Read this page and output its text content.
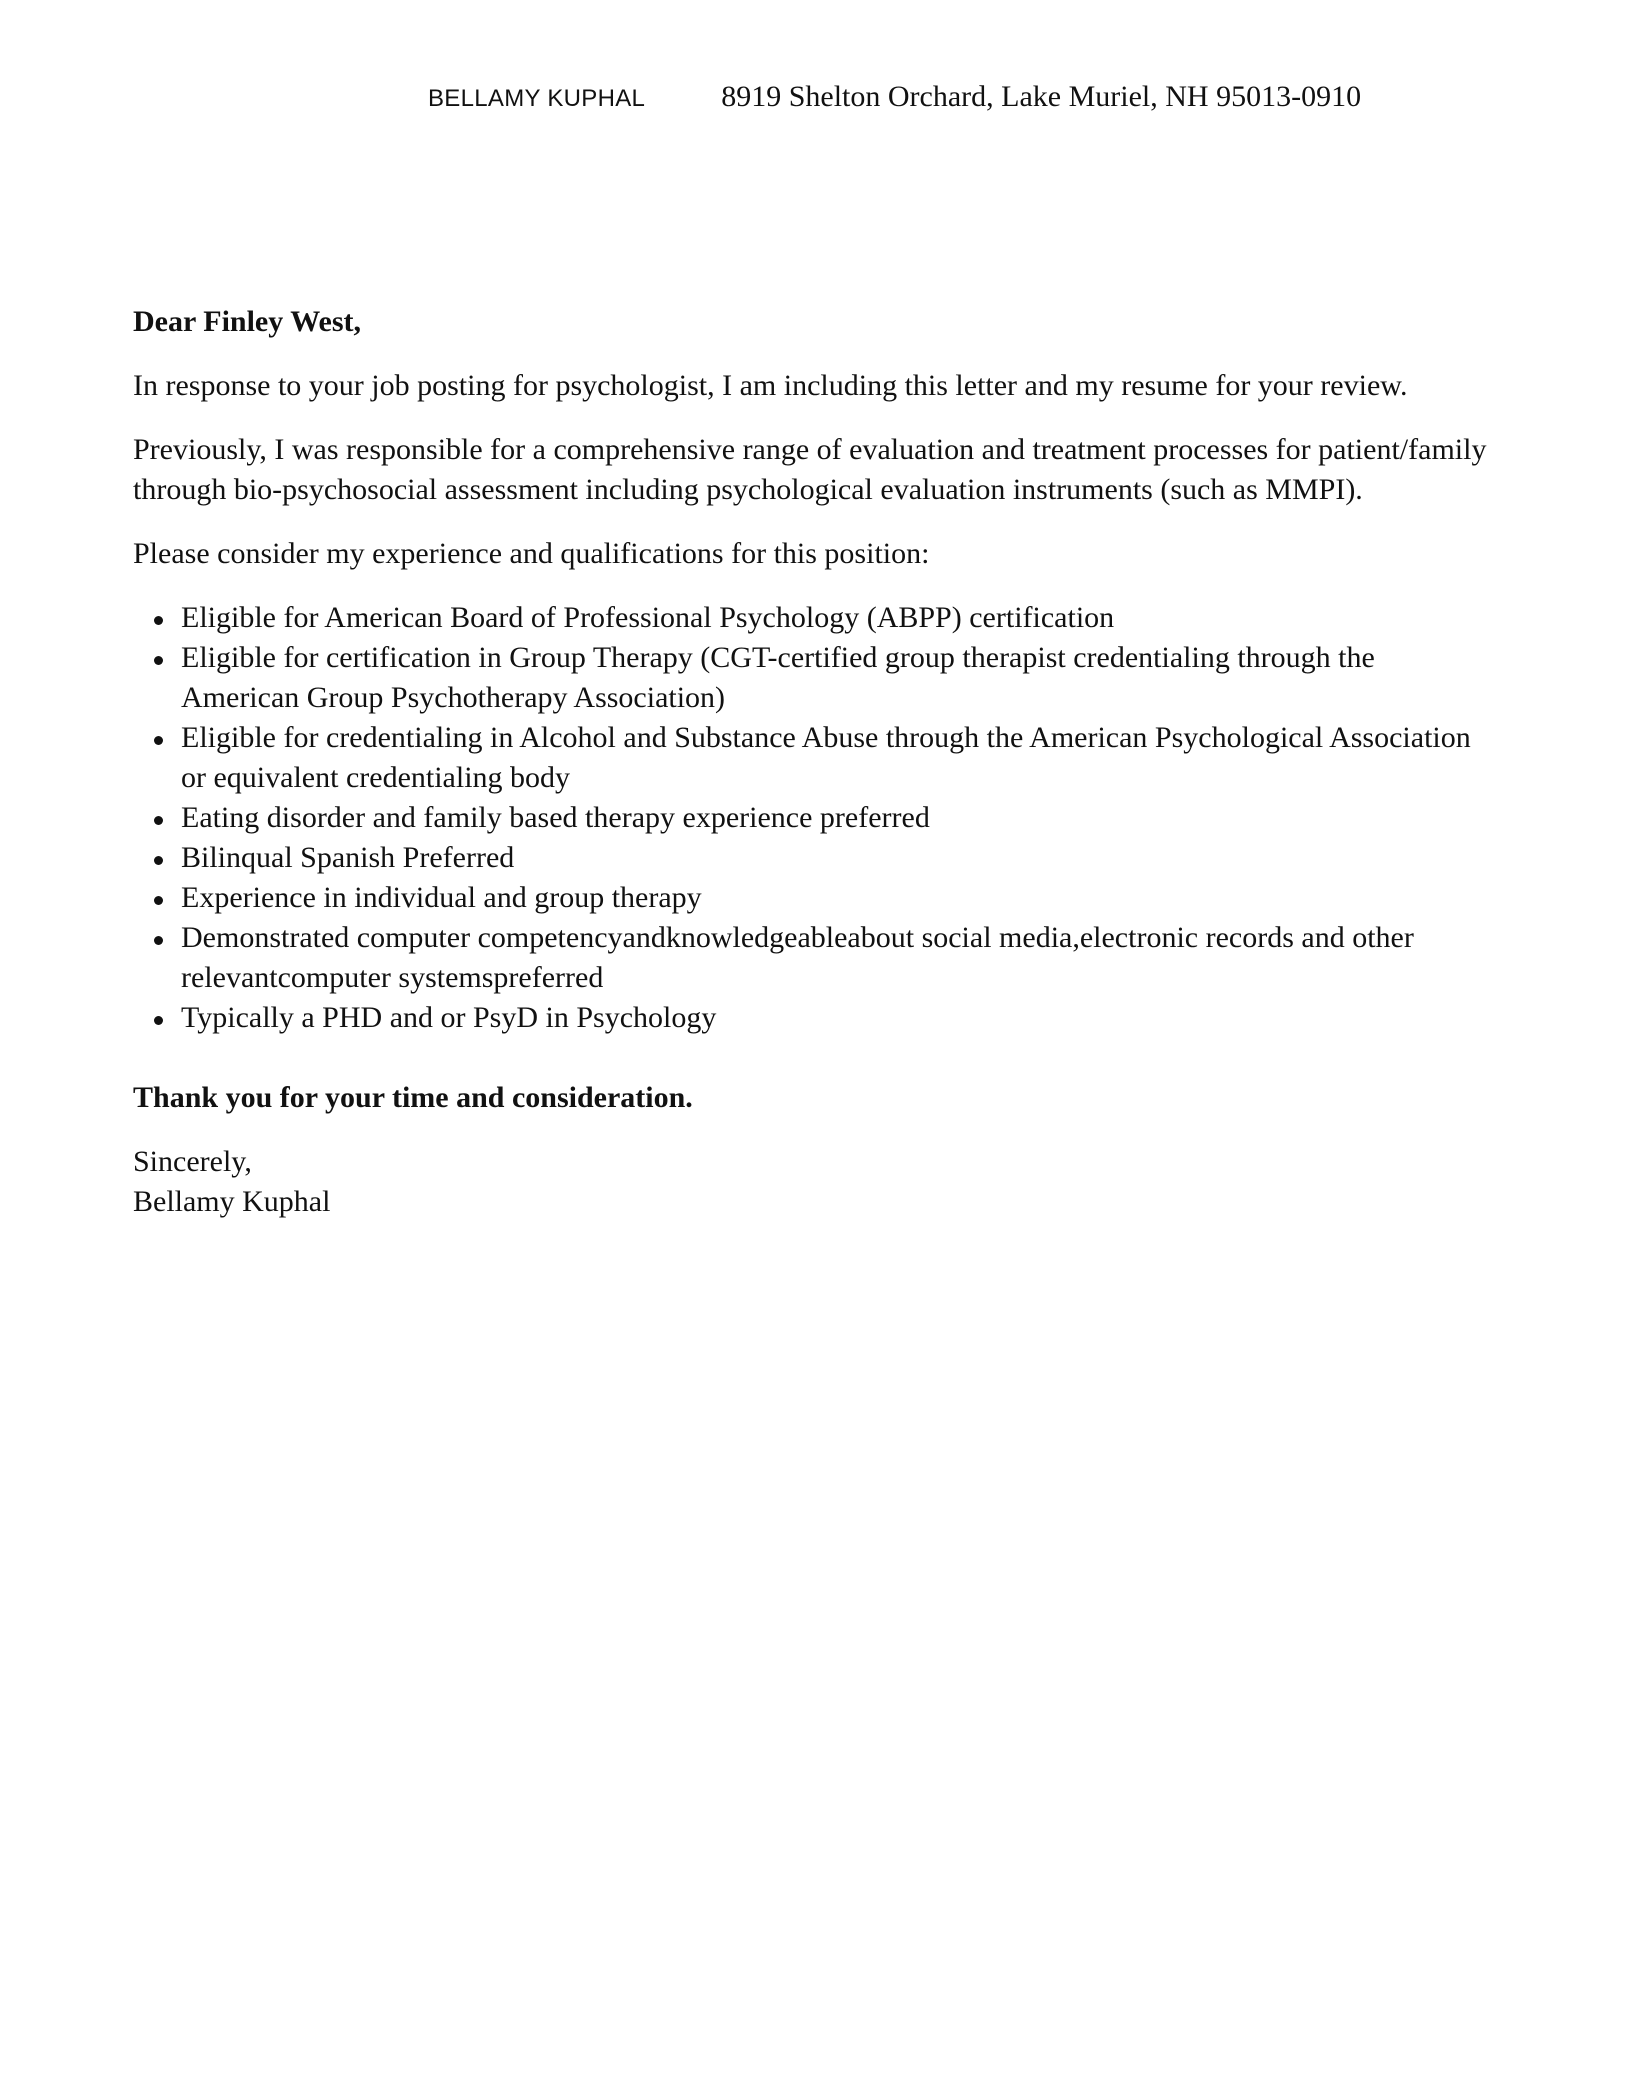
BELLAMY KUPHAL	8919 Shelton Orchard, Lake Muriel, NH 95013-0910

Dear Finley West,

In response to your job posting for psychologist, I am including this letter and my resume for your review.

Previously, I was responsible for a comprehensive range of evaluation and treatment processes for patient/family through bio-psychosocial assessment including psychological evaluation instruments (such as MMPI).

Please consider my experience and qualifications for this position:

Eligible for American Board of Professional Psychology (ABPP) certification
Eligible for certification in Group Therapy (CGT-certified group therapist credentialing through the American Group Psychotherapy Association)
Eligible for credentialing in Alcohol and Substance Abuse through the American Psychological Association or equivalent credentialing body
Eating disorder and family based therapy experience preferred
Bilinqual Spanish Preferred
Experience in individual and group therapy
Demonstrated computer competencyandknowledgeableabout social media,electronic records and other relevantcomputer systemspreferred
Typically a PHD and or PsyD in Psychology

Thank you for your time and consideration.

Sincerely,

Bellamy Kuphal
